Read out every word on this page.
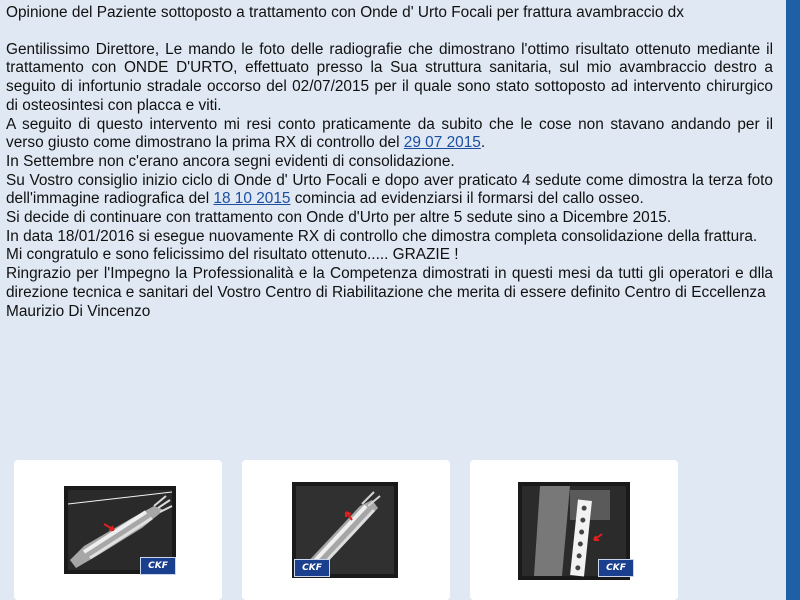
Opinione del Paziente sottoposto a trattamento con Onde d' Urto Focali per frattura avambraccio dx

Gentilissimo Direttore, Le mando le foto delle radiografie che dimostrano l'ottimo risultato ottenuto mediante il trattamento con ONDE D'URTO, effettuato presso la Sua struttura sanitaria, sul mio avambraccio destro a seguito di infortunio stradale occorso del 02/07/2015 per il quale sono stato sottoposto ad intervento chirurgico di osteosintesi con placca e viti.

A seguito di questo intervento mi resi conto praticamente da subito che le cose non stavano andando per il verso giusto come dimostrano la prima RX di controllo del 29 07 2015.

In Settembre non c'erano ancora segni evidenti di consolidazione.

Su Vostro consiglio inizio ciclo di Onde d' Urto Focali e dopo aver praticato 4 sedute come dimostra la terza foto dell'immagine radiografica del 18 10 2015 comincia ad evidenziarsi il formarsi del callo osseo.

Si decide di continuare con trattamento con Onde d'Urto per altre 5 sedute sino a Dicembre 2015.

In data 18/01/2016 si esegue nuovamente RX di controllo che dimostra completa consolidazione della frattura.

Mi congratulo e sono felicissimo del risultato ottenuto..... GRAZIE !

Ringrazio per l'Impegno la Professionalità e la Competenza dimostrati in questi mesi da tutti gli operatori e dlla direzione tecnica e sanitari del Vostro Centro di Riabilitazione che merita di essere definito Centro di Eccellenza

Maurizio Di Vincenzo

CKF	CKF	CKF
